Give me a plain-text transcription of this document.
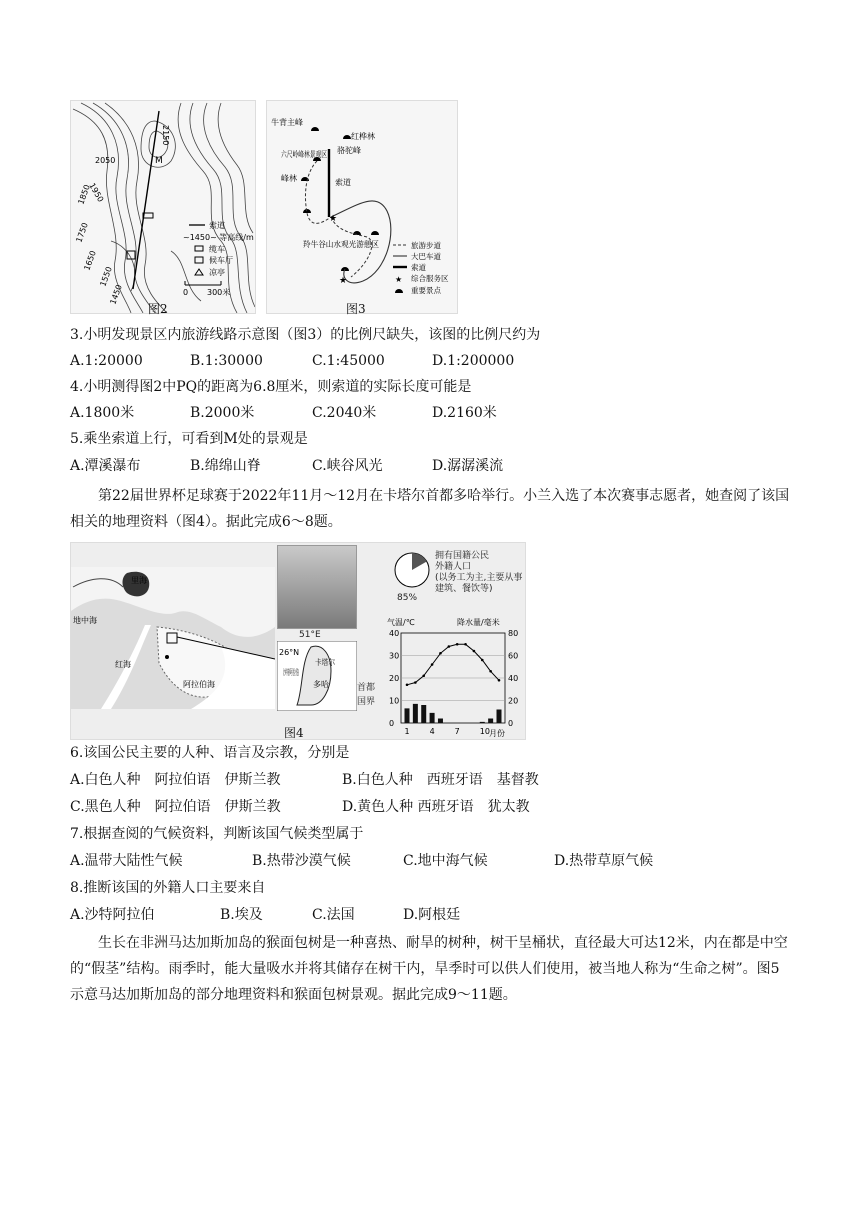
2150
2050
1950
1850
1750
1650
1550
1450
M
索道
~1450~ 等高线/m
缆车
候车厅
凉亭
0 300米
图2
牛背主峰
红桦林
六尺岭峰林景观区
骆驼峰
峰林	索道
羚牛谷山水观光游憩区
★
★
旅游步道
大巴车道
索道
★ 综合服务区
重要景点
图3
3.小明发现景区内旅游线路示意图（图3）的比例尺缺失，该图的比例尺约为
A.1:20000	B.1:30000	C.1:45000	D.1:200000
4.小明测得图2中PQ的距离为6.8厘米，则索道的实际长度可能是
A.1800米	B.2000米	C.2040米	D.2160米
5.乘坐索道上行，可看到M处的景观是
A.潭溪瀑布	B.绵绵山脊	C.峡谷风光	D.潺潺溪流
第22届世界杯足球赛于2022年11月～12月在卡塔尔首都多哈举行。小兰入选了本次赛事志愿者，她查阅了该国相关的地理资料（图4）。据此完成6～8题。
里海
地中海
红海
阿拉伯海
51°E
26°N
卡塔尔
多哈	首都
国界
85%
拥有国籍公民
外籍人口
(以务工为主,主要从事建筑、餐饮等)
气温/℃	降水量/毫米
40
30
20
10
0
80
60
40
20
0
1 4 7 10 月份
图4
6.该国公民主要的人种、语言及宗教，分别是
A.白色人种　阿拉伯语　伊斯兰教	B.白色人种　西班牙语　基督教
C.黑色人种　阿拉伯语　伊斯兰教	D.黄色人种 西班牙语　犹太教
7.根据查阅的气候资料，判断该国气候类型属于
A.温带大陆性气候	B.热带沙漠气候	C.地中海气候	D.热带草原气候
8.推断该国的外籍人口主要来自
A.沙特阿拉伯	B.埃及	C.法国	D.阿根廷
生长在非洲马达加斯加岛的猴面包树是一种喜热、耐旱的树种，树干呈桶状，直径最大可达12米，内在都是中空的“假茎”结构。雨季时，能大量吸水并将其储存在树干内，旱季时可以供人们使用，被当地人称为“生命之树”。图5示意马达加斯加岛的部分地理资料和猴面包树景观。据此完成9～11题。
